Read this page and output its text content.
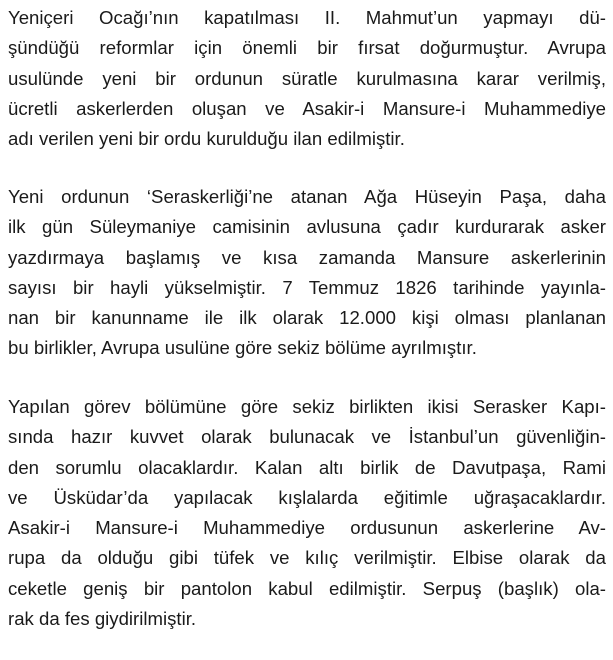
Yeniçeri Ocağı’nın kapatılması II. Mahmut’un yapmayı dü-
şündüğü reformlar için önemli bir fırsat doğurmuştur. Avrupa
usulünde yeni bir ordunun süratle kurulmasına karar verilmiş,
ücretli askerlerden oluşan ve Asakir-i Mansure-i Muhammediye
adı verilen yeni bir ordu kurulduğu ilan edilmiştir.
Yeni ordunun ‘Seraskerliği’ne atanan Ağa Hüseyin Paşa, daha
ilk gün Süleymaniye camisinin avlusuna çadır kurdurarak asker
yazdırmaya başlamış ve kısa zamanda Mansure askerlerinin
sayısı bir hayli yükselmiştir. 7 Temmuz 1826 tarihinde yayınla-
nan bir kanunname ile ilk olarak 12.000 kişi olması planlanan
bu birlikler, Avrupa usulüne göre sekiz bölüme ayrılmıştır.
Yapılan görev bölümüne göre sekiz birlikten ikisi Serasker Kapı-
sında hazır kuvvet olarak bulunacak ve İstanbul’un güvenliğin-
den sorumlu olacaklardır. Kalan altı birlik de Davutpaşa, Rami
ve Üsküdar’da yapılacak kışlalarda eğitimle uğraşacaklardır.
Asakir-i Mansure-i Muhammediye ordusunun askerlerine Av-
rupa da olduğu gibi tüfek ve kılıç verilmiştir. Elbise olarak da
ceketle geniş bir pantolon kabul edilmiştir. Serpuş (başlık) ola-
rak da fes giydirilmiştir.
